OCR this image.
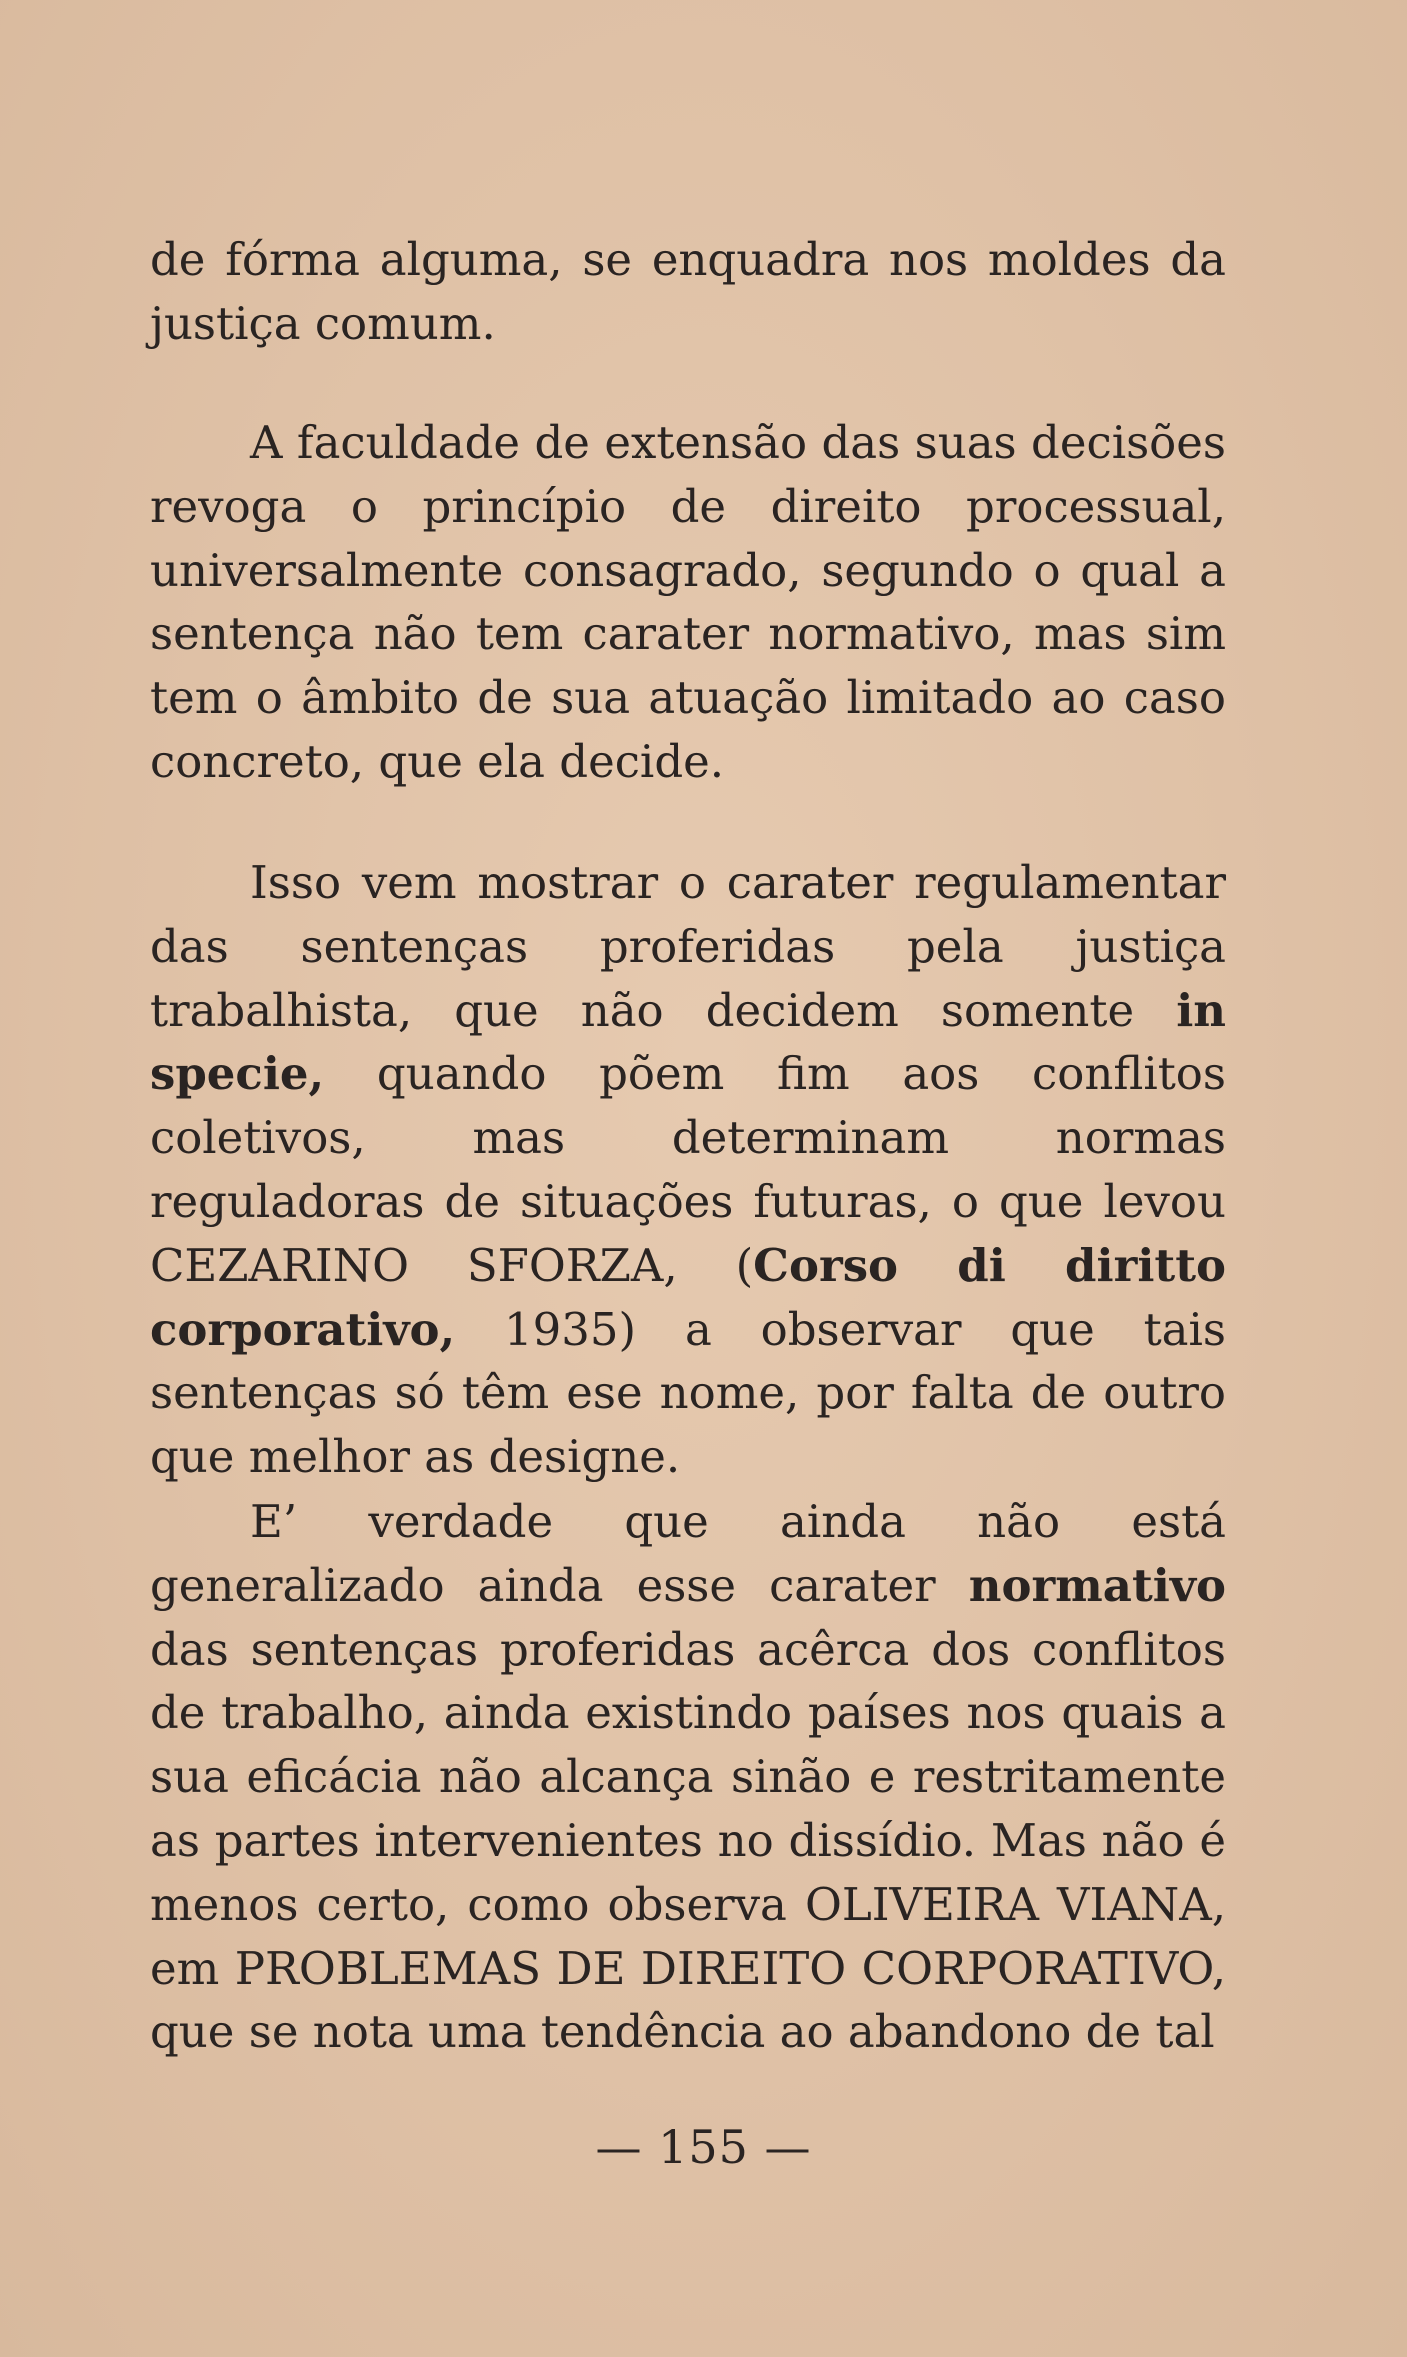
de fórma alguma, se enquadra nos moldes da justiça comum.

A faculdade de extensão das suas decisões revoga o princípio de direito processual, universalmente consagrado, segundo o qual a sentença não tem carater normativo, mas sim tem o âmbito de sua atuação limitado ao caso concreto, que ela decide.

Isso vem mostrar o carater regulamentar das sentenças proferidas pela justiça trabalhista, que não decidem somente in specie, quando põem fim aos conflitos coletivos, mas determinam normas reguladoras de situações futuras, o que levou CEZARINO SFORZA, (Corso di diritto corporativo, 1935) a observar que tais sentenças só têm ese nome, por falta de outro que melhor as designe.

E’ verdade que ainda não está generalizado ainda esse carater normativo das sentenças proferidas acêrca dos conflitos de trabalho, ainda existindo países nos quais a sua eficácia não alcança sinão e restritamente as partes intervenientes no dissídio. Mas não é menos certo, como observa OLIVEIRA VIANA, em PROBLEMAS DE DIREITO CORPORATIVO, que se nota uma tendência ao abandono de tal

— 155 —
